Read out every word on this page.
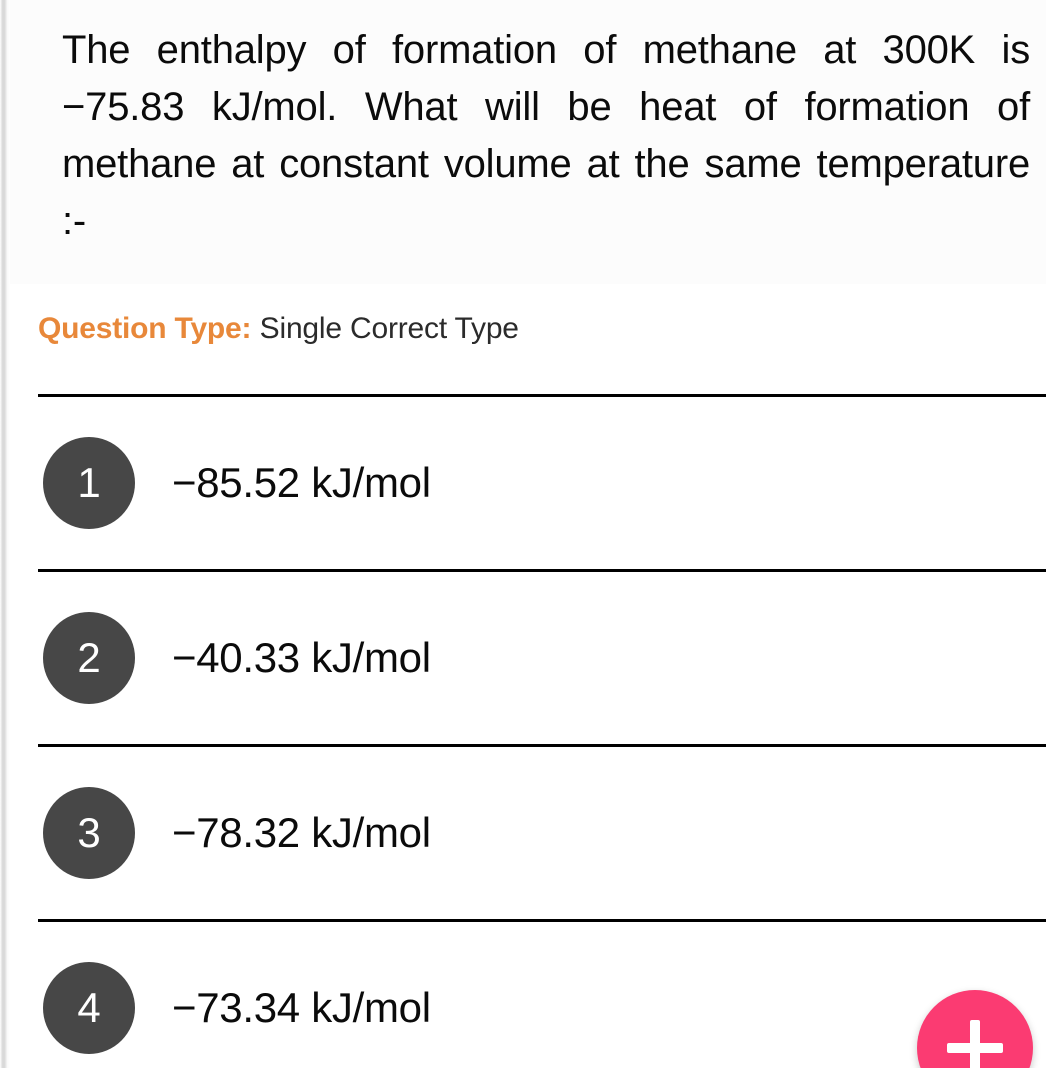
The enthalpy of formation of methane at 300K is −75.83 kJ/mol. What will be heat of formation of methane at constant volume at the same temperature :-
Question Type: Single Correct Type
1	−85.52 kJ/mol
2	−40.33 kJ/mol
3	−78.32 kJ/mol
4	−73.34 kJ/mol
